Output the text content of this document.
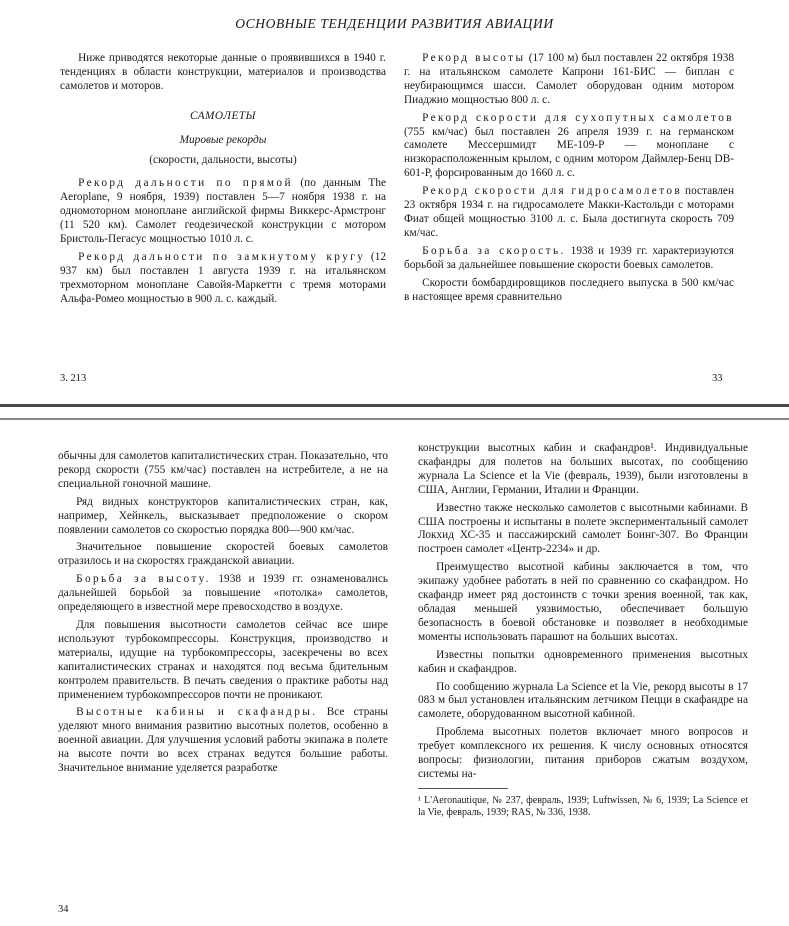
ОСНОВНЫЕ ТЕНДЕНЦИИ РАЗВИТИЯ АВИАЦИИ

Ниже приводятся некоторые данные о проявившихся в 1940 г. тенденциях в области конструкции, материалов и производства самолетов и моторов.

САМОЛЕТЫ
Мировые рекорды
(скорости, дальности, высоты)

Рекорд дальности по прямой (по данным The Aeroplane, 9 ноября, 1939) поставлен 5—7 ноября 1938 г. на одномоторном моноплане английской фирмы Виккерс-Армстронг (11 520 км). Самолет геодезической конструкции с мотором Бристоль-Пегасус мощностью 1010 л. с.

Рекорд дальности по замкнутому кругу (12 937 км) был поставлен 1 августа 1939 г. на итальянском трехмоторном моноплане Савойя-Маркетти с тремя моторами Альфа-Ромео мощностью в 900 л. с. каждый.

Рекорд высоты (17 100 м) был поставлен 22 октября 1938 г. на итальянском самолете Капрони 161-БИС — биплан с неубирающимся шасси. Самолет оборудован одним мотором Пиаджио мощностью 800 л. с.

Рекорд скорости для сухопутных самолетов (755 км/час) был поставлен 26 апреля 1939 г. на германском самолете Мессершмидт МЕ-109-Р — моноплане с низкорасположенным крылом, с одним мотором Даймлер-Бенц DB-601-Р, форсированным до 1660 л. с.

Рекорд скорости для гидросамолетов поставлен 23 октября 1934 г. на гидросамолете Макки-Кастольди с моторами Фиат общей мощностью 3100 л. с. Была достигнута скорость 709 км/час.

Борьба за скорость. 1938 и 1939 гг. характеризуются борьбой за дальнейшее повышение скорости боевых самолетов.

Скорости бомбардировщиков последнего выпуска в 500 км/час в настоящее время сравнительно

3. 213	33

обычны для самолетов капиталистических стран. Показательно, что рекорд скорости (755 км/час) поставлен на истребителе, а не на специальной гоночной машине.

Ряд видных конструкторов капиталистических стран, как, например, Хейнкель, высказывает предположение о скором появлении самолетов со скоростью порядка 800—900 км/час.

Значительное повышение скоростей боевых самолетов отразилось и на скоростях гражданской авиации.

Борьба за высоту. 1938 и 1939 гг. ознаменовались дальнейшей борьбой за повышение «потолка» самолетов, определяющего в известной мере превосходство в воздухе.

Для повышения высотности самолетов сейчас все шире используют турбокомпрессоры. Конструкция, производство и материалы, идущие на турбокомпрессоры, засекречены во всех капиталистических странах и находятся под весьма бдительным контролем правительств. В печать сведения о практике работы над применением турбокомпрессоров почти не проникают.

Высотные кабины и скафандры. Все страны уделяют много внимания развитию высотных полетов, особенно в военной авиации. Для улучшения условий работы экипажа в полете на высоте почти во всех странах ведутся большие работы. Значительное внимание уделяется разработке

34

конструкции высотных кабин и скафандров¹. Индивидуальные скафандры для полетов на больших высотах, по сообщению журнала La Science et la Vie (февраль, 1939), были изготовлены в США, Англии, Германии, Италии и Франции.

Известно также несколько самолетов с высотными кабинами. В США построены и испытаны в полете экспериментальный самолет Локхид ХС-35 и пассажирский самолет Боинг-307. Во Франции построен самолет «Центр-2234» и др.

Преимущество высотной кабины заключается в том, что экипажу удобнее работать в ней по сравнению со скафандром. Но скафандр имеет ряд достоинств с точки зрения военной, так как, обладая меньшей уязвимостью, обеспечивает большую безопасность в боевой обстановке и позволяет в необходимые моменты использовать парашют на больших высотах.

Известны попытки одновременного применения высотных кабин и скафандров.

По сообщению журнала La Science et la Vie, рекорд высоты в 17 083 м был установлен итальянским летчиком Пецци в скафандре на самолете, оборудованном высотной кабиной.

Проблема высотных полетов включает много вопросов и требует комплексного их решения. К числу основных относятся вопросы: физиологии, питания приборов сжатым воздухом, системы на-

¹ L'Aeronautique, № 237, февраль, 1939; Luftwissen, № 6, 1939; La Science et la Vie, февраль, 1939; RAS, № 336, 1938.
